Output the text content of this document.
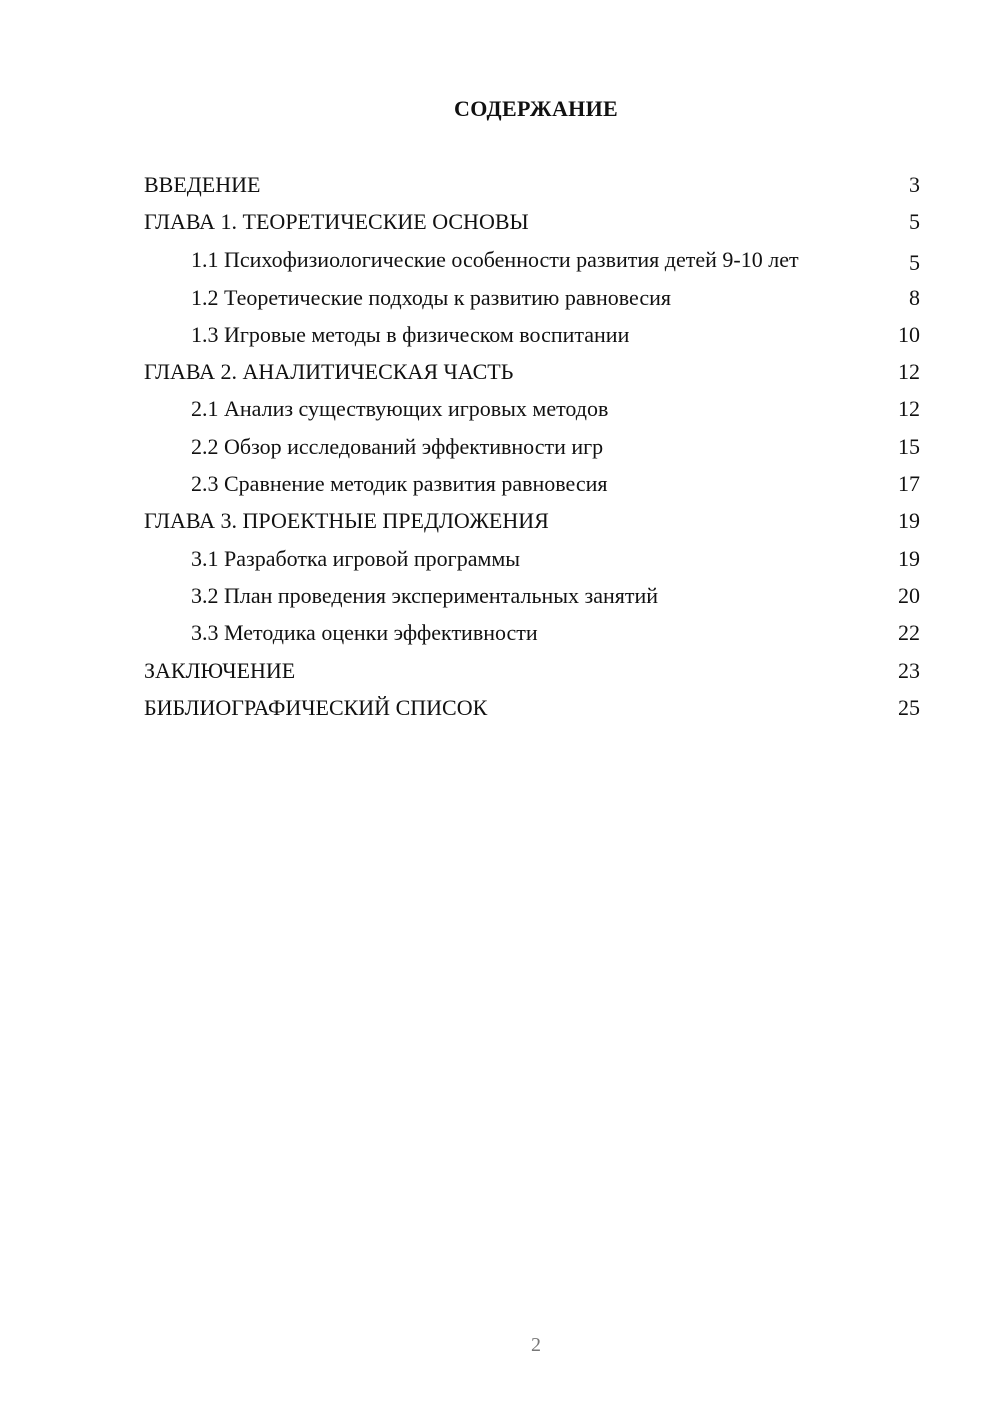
СОДЕРЖАНИЕ
ВВЕДЕНИЕ	3
ГЛАВА 1. ТЕОРЕТИЧЕСКИЕ ОСНОВЫ	5
1.1 Психофизиологические особенности развития детей 9-10 лет	5
1.2 Теоретические подходы к развитию равновесия	8
1.3 Игровые методы в физическом воспитании	10
ГЛАВА 2. АНАЛИТИЧЕСКАЯ ЧАСТЬ	12
2.1 Анализ существующих игровых методов	12
2.2 Обзор исследований эффективности игр	15
2.3 Сравнение методик развития равновесия	17
ГЛАВА 3. ПРОЕКТНЫЕ ПРЕДЛОЖЕНИЯ	19
3.1 Разработка игровой программы	19
3.2 План проведения экспериментальных занятий	20
3.3 Методика оценки эффективности	22
ЗАКЛЮЧЕНИЕ	23
БИБЛИОГРАФИЧЕСКИЙ СПИСОК	25
2
